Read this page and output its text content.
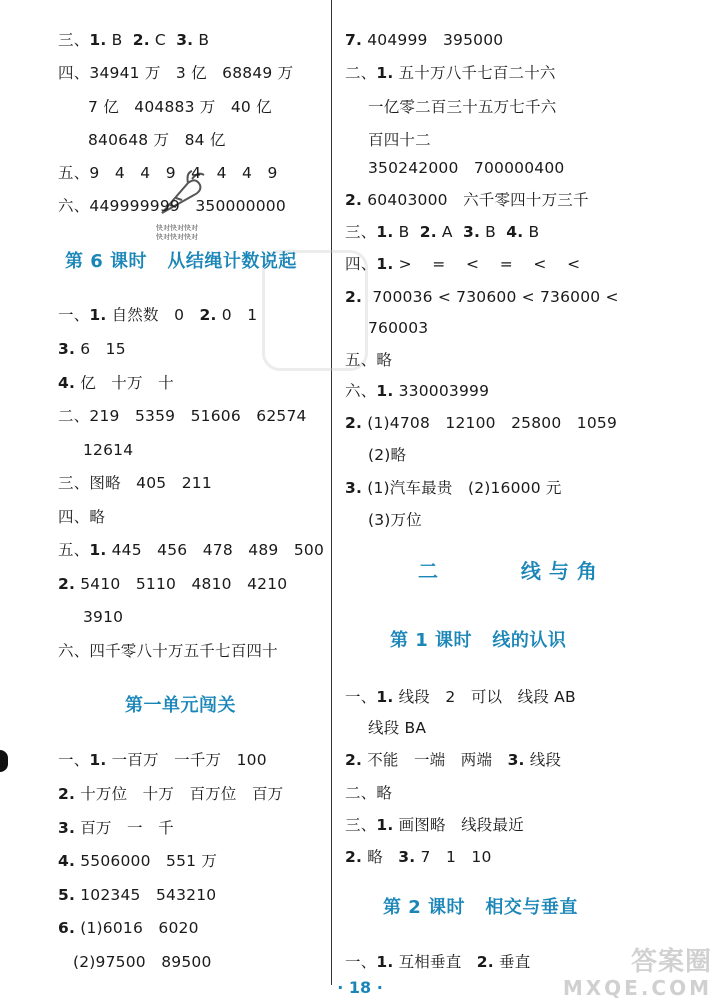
快对快对快对
快对快对快对
三、1. B  2. C  3. B
四、34941 万   3 亿   68849 万
7 亿   404883 万   40 亿
840648 万   84 亿
五、9   4   4   9   4   4   4   9
六、449999999   350000000
第 6 课时   从结绳计数说起
一、1. 自然数   0   2. 0   1
3. 6   15
4. 亿   十万   十
二、219   5359   51606   62574
12614
三、图略   405   211
四、略
五、1. 445   456   478   489   500
2. 5410   5110   4810   4210
3910
六、四千零八十万五千七百四十
第一单元闯关
一、1. 一百万   一千万   100
2. 十万位   十万   百万位   百万
3. 百万   一   千
4. 5506000   551 万
5. 102345   543210
6. (1)6016   6020
(2)97500   89500
7. 404999   395000
二、1. 五十万八千七百二十六
一亿零二百三十五万七千六
百四十二
350242000   700000400
2. 60403000   六千零四十万三千
三、1. B  2. A  3. B  4. B
四、1. >    =    <    =    <    <
2.  700036 < 730600 < 736000 <
760003
五、略
六、1. 330003999
2. (1)4708   12100   25800   1059
(2)略
3. (1)汽车最贵   (2)16000 元
(3)万位
二     线与角
第 1 课时   线的认识
一、1. 线段   2   可以   线段 AB
线段 BA
2. 不能   一端   两端   3. 线段
二、略
三、1. 画图略   线段最近
2. 略   3. 7   1   10
第 2 课时   相交与垂直
一、1. 互相垂直   2. 垂直
· 18 ·
答案圈
MXQE.COM
